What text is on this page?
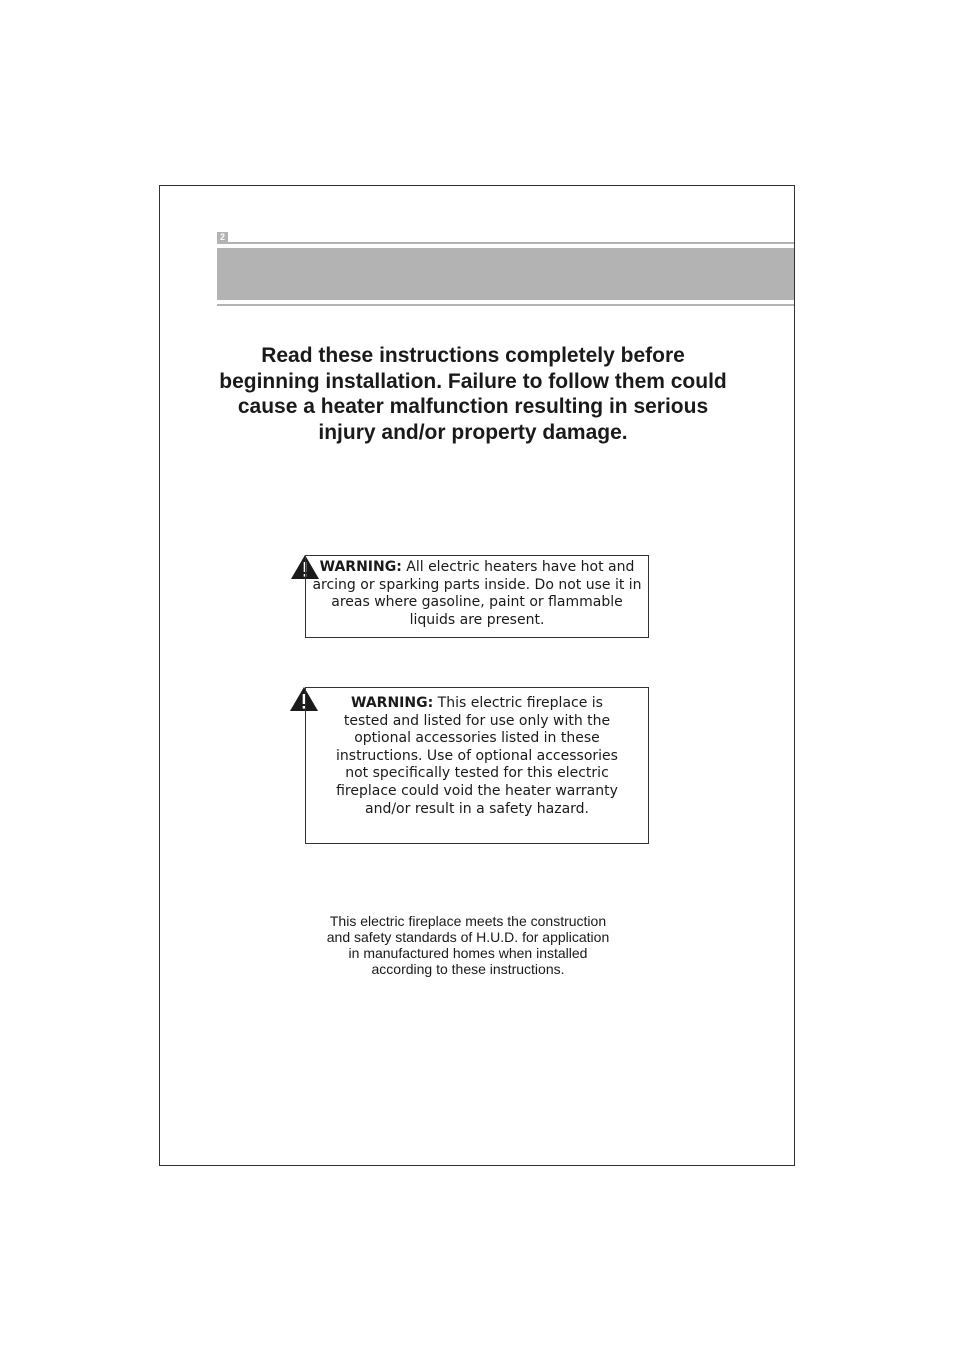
2

Read these instructions completely before beginning installation. Failure to follow them could cause a heater malfunction resulting in serious injury and/or property damage.

WARNING: All electric heaters have hot and arcing or sparking parts inside. Do not use it in areas where gasoline, paint or flammable liquids are present.
WARNING: This electric fireplace is tested and listed for use only with the optional accessories listed in these instructions. Use of optional accessories not specifically tested for this electric fireplace could void the heater warranty and/or result in a safety hazard.

This electric fireplace meets the construction and safety standards of H.U.D. for application in manufactured homes when installed according to these instructions.
